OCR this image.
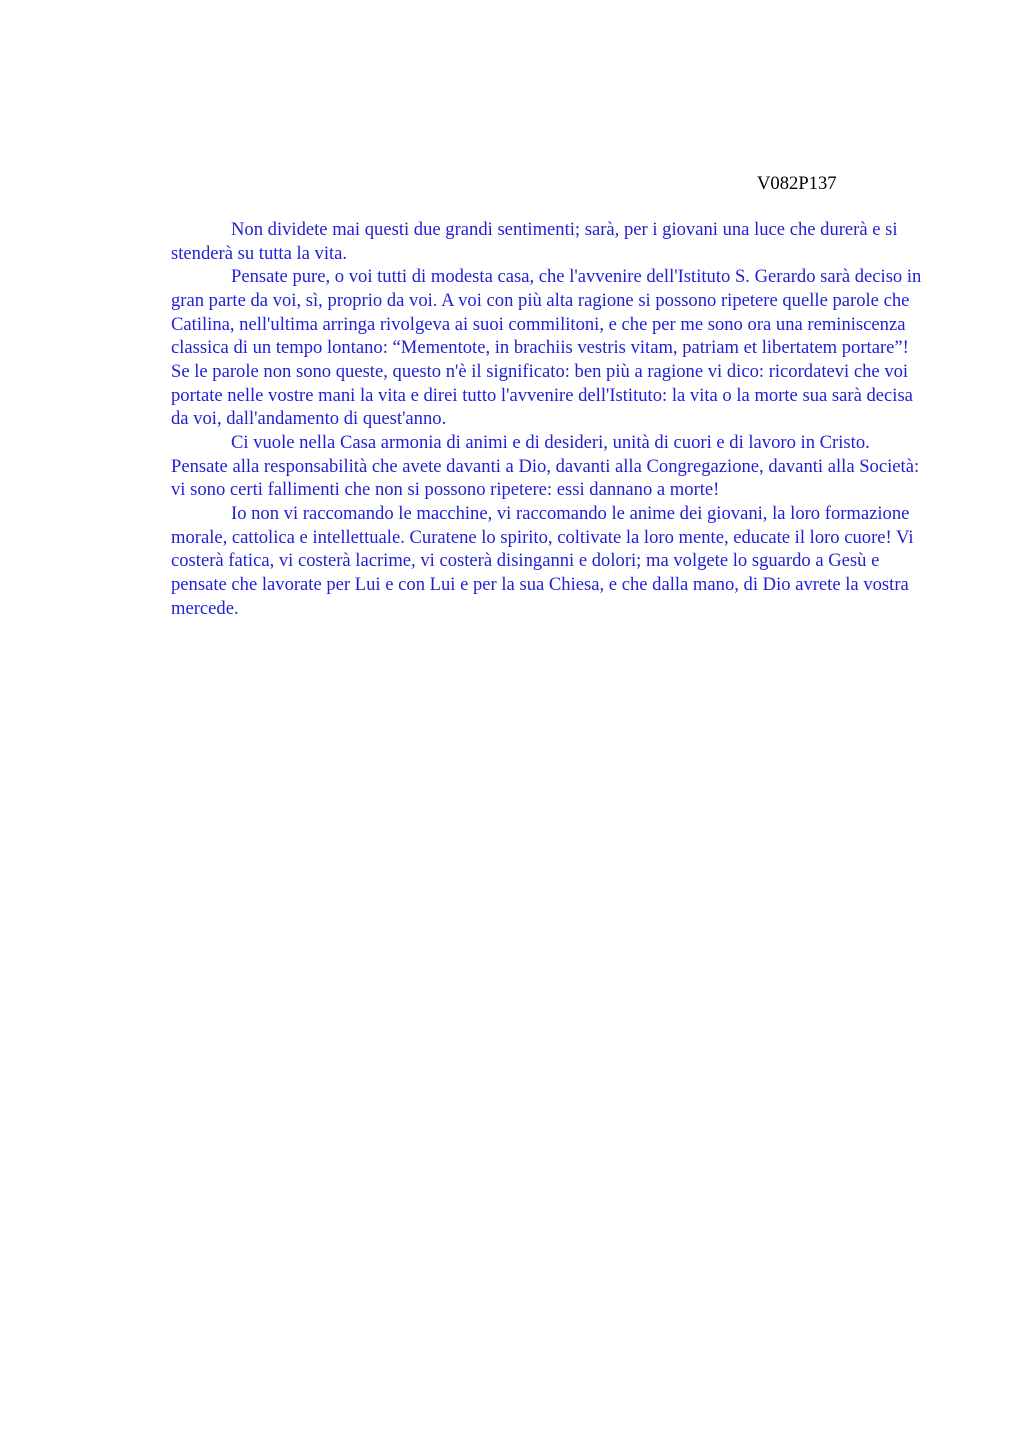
V082P137

Non dividete mai questi due grandi sentimenti; sarà, per i giovani una luce che durerà e si stenderà su tutta la vita.

Pensate pure, o voi tutti di modesta casa, che l'avvenire dell'Istituto S. Gerardo sarà deciso in gran parte da voi, sì, proprio da voi. A voi con più alta ragione si possono ripetere quelle parole che Catilina, nell'ultima arringa rivolgeva ai suoi commilitoni, e che per me sono ora una reminiscenza classica di un tempo lontano: “Mementote, in brachiis vestris vitam, patriam et libertatem portare”! Se le parole non sono queste, questo n'è il significato: ben più a ragione vi dico: ricordatevi che voi portate nelle vostre mani la vita e direi tutto l'avvenire dell'Istituto: la vita o la morte sua sarà decisa da voi, dall'andamento di quest'anno.

Ci vuole nella Casa armonia di animi e di desideri, unità di cuori e di lavoro in Cristo. Pensate alla responsabilità che avete davanti a Dio, davanti alla Congregazione, davanti alla Società: vi sono certi fallimenti che non si possono ripetere: essi dannano a morte!

Io non vi raccomando le macchine, vi raccomando le anime dei giovani, la loro formazione morale, cattolica e intellettuale. Curatene lo spirito, coltivate la loro mente, educate il loro cuore! Vi costerà fatica, vi costerà lacrime, vi costerà disinganni e dolori; ma volgete lo sguardo a Gesù e pensate che lavorate per Lui e con Lui e per la sua Chiesa, e che dalla mano, di Dio avrete la vostra mercede.
